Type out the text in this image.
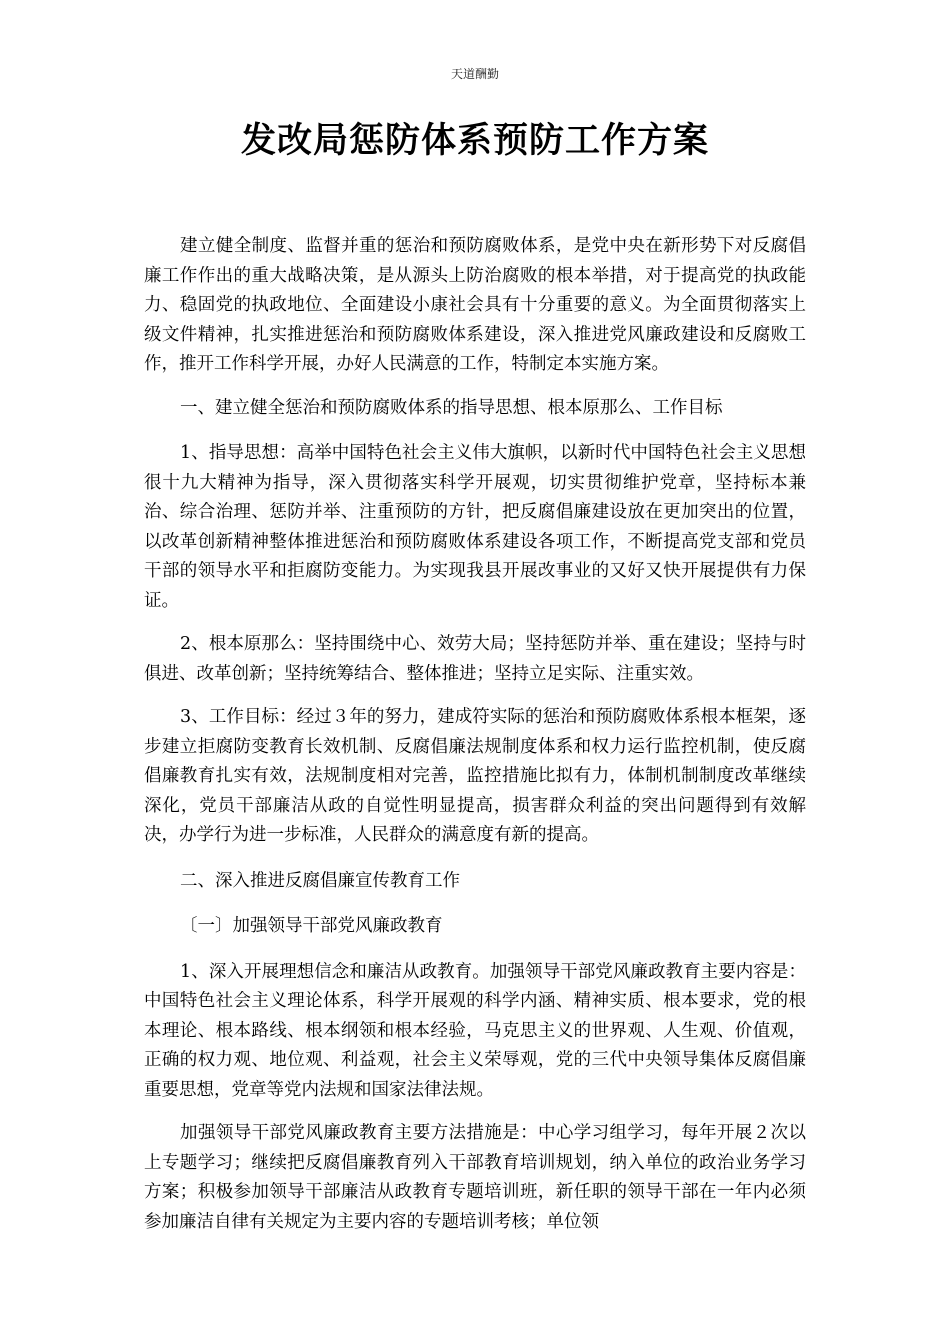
天道酬勤
发改局惩防体系预防工作方案

建立健全制度、监督并重的惩治和预防腐败体系，是党中央在新形势下对反腐倡廉工作作出的重大战略决策，是从源头上防治腐败的根本举措，对于提高党的执政能力、稳固党的执政地位、全面建设小康社会具有十分重要的意义。为全面贯彻落实上级文件精神，扎实推进惩治和预防腐败体系建设，深入推进党风廉政建设和反腐败工作，推开工作科学开展，办好人民满意的工作，特制定本实施方案。

一、建立健全惩治和预防腐败体系的指导思想、根本原那么、工作目标

1、指导思想：高举中国特色社会主义伟大旗帜，以新时代中国特色社会主义思想很十九大精神为指导，深入贯彻落实科学开展观，切实贯彻维护党章，坚持标本兼治、综合治理、惩防并举、注重预防的方针，把反腐倡廉建设放在更加突出的位置，以改革创新精神整体推进惩治和预防腐败体系建设各项工作，不断提高党支部和党员干部的领导水平和拒腐防变能力。为实现我县开展改事业的又好又快开展提供有力保证。

2、根本原那么：坚持围绕中心、效劳大局；坚持惩防并举、重在建设；坚持与时俱进、改革创新；坚持统筹结合、整体推进；坚持立足实际、注重实效。

3、工作目标：经过３年的努力，建成符实际的惩治和预防腐败体系根本框架，逐步建立拒腐防变教育长效机制、反腐倡廉法规制度体系和权力运行监控机制，使反腐倡廉教育扎实有效，法规制度相对完善，监控措施比拟有力，体制机制制度改革继续深化，党员干部廉洁从政的自觉性明显提高，损害群众利益的突出问题得到有效解决，办学行为进一步标准，人民群众的满意度有新的提高。

二、深入推进反腐倡廉宣传教育工作

〔一〕加强领导干部党风廉政教育

1、深入开展理想信念和廉洁从政教育。加强领导干部党风廉政教育主要内容是：中国特色社会主义理论体系，科学开展观的科学内涵、精神实质、根本要求，党的根本理论、根本路线、根本纲领和根本经验，马克思主义的世界观、人生观、价值观，正确的权力观、地位观、利益观，社会主义荣辱观，党的三代中央领导集体反腐倡廉重要思想，党章等党内法规和国家法律法规。

加强领导干部党风廉政教育主要方法措施是：中心学习组学习，每年开展２次以上专题学习；继续把反腐倡廉教育列入干部教育培训规划，纳入单位的政治业务学习方案；积极参加领导干部廉洁从政教育专题培训班，新任职的领导干部在一年内必须参加廉洁自律有关规定为主要内容的专题培训考核；单位领
